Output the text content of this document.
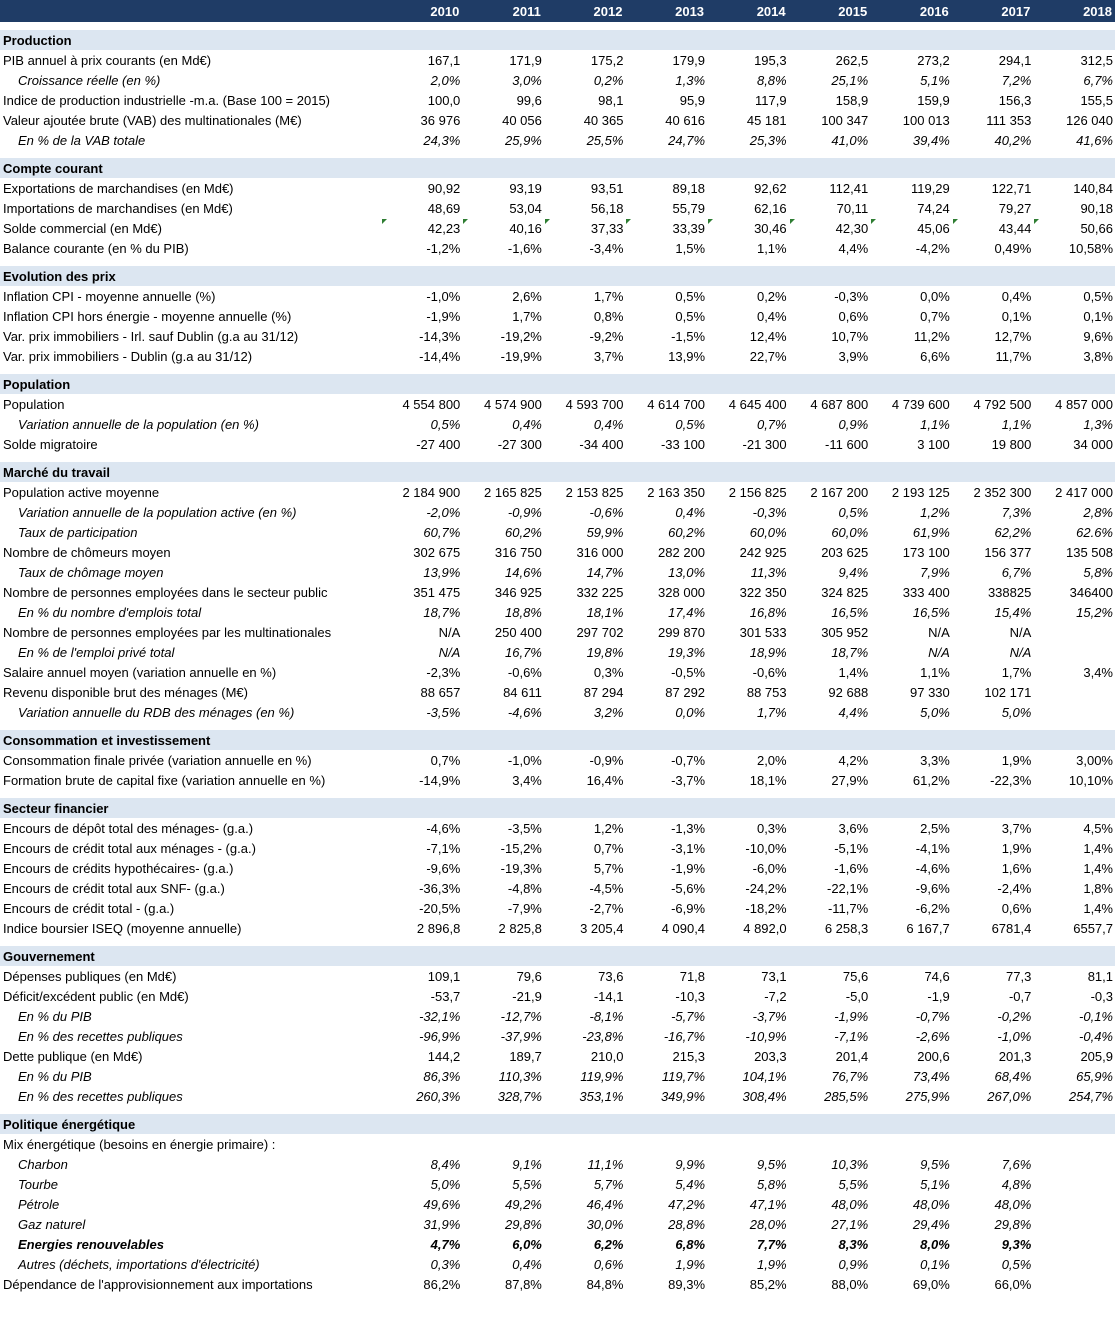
	2010	2011	2012	2013	2014	2015	2016	2017	2018

Production									
PIB annuel à prix courants (en Md€)	167,1	171,9	175,2	179,9	195,3	262,5	273,2	294,1	312,5
Croissance réelle (en %)	2,0%	3,0%	0,2%	1,3%	8,8%	25,1%	5,1%	7,2%	6,7%
Indice de production industrielle -m.a. (Base 100 = 2015)	100,0	99,6	98,1	95,9	117,9	158,9	159,9	156,3	155,5
Valeur ajoutée brute (VAB) des multinationales (M€)	36 976	40 056	40 365	40 616	45 181	100 347	100 013	111 353	126 040
En % de la VAB totale	24,3%	25,9%	25,5%	24,7%	25,3%	41,0%	39,4%	40,2%	41,6%

Compte courant									
Exportations de marchandises (en Md€)	90,92	93,19	93,51	89,18	92,62	112,41	119,29	122,71	140,84
Importations de marchandises (en Md€)	48,69	53,04	56,18	55,79	62,16	70,11	74,24	79,27	90,18
Solde commercial (en Md€)	42,23	40,16	37,33	33,39	30,46	42,30	45,06	43,44	50,66
Balance courante (en % du PIB)	-1,2%	-1,6%	-3,4%	1,5%	1,1%	4,4%	-4,2%	0,49%	10,58%

Evolution des prix									
Inflation CPI - moyenne annuelle (%)	-1,0%	2,6%	1,7%	0,5%	0,2%	-0,3%	0,0%	0,4%	0,5%
Inflation CPI hors énergie - moyenne annuelle (%)	-1,9%	1,7%	0,8%	0,5%	0,4%	0,6%	0,7%	0,1%	0,1%
Var. prix immobiliers - Irl. sauf Dublin (g.a au 31/12)	-14,3%	-19,2%	-9,2%	-1,5%	12,4%	10,7%	11,2%	12,7%	9,6%
Var. prix immobiliers - Dublin (g.a au 31/12)	-14,4%	-19,9%	3,7%	13,9%	22,7%	3,9%	6,6%	11,7%	3,8%

Population									
Population	4 554 800	4 574 900	4 593 700	4 614 700	4 645 400	4 687 800	4 739 600	4 792 500	4 857 000
Variation annuelle de la population (en %)	0,5%	0,4%	0,4%	0,5%	0,7%	0,9%	1,1%	1,1%	1,3%
Solde migratoire	-27 400	-27 300	-34 400	-33 100	-21 300	-11 600	3 100	19 800	34 000

Marché du travail									
Population active moyenne	2 184 900	2 165 825	2 153 825	2 163 350	2 156 825	2 167 200	2 193 125	2 352 300	2 417 000
Variation annuelle de la population active (en %)	-2,0%	-0,9%	-0,6%	0,4%	-0,3%	0,5%	1,2%	7,3%	2,8%
Taux de participation	60,7%	60,2%	59,9%	60,2%	60,0%	60,0%	61,9%	62,2%	62.6%
Nombre de chômeurs moyen	302 675	316 750	316 000	282 200	242 925	203 625	173 100	156 377	135 508
Taux de chômage moyen	13,9%	14,6%	14,7%	13,0%	11,3%	9,4%	7,9%	6,7%	5,8%
Nombre de personnes employées dans le secteur public	351 475	346 925	332 225	328 000	322 350	324 825	333 400	338825	346400
En % du nombre d'emplois total	18,7%	18,8%	18,1%	17,4%	16,8%	16,5%	16,5%	15,4%	15,2%
Nombre de personnes employées par les multinationales	N/A	250 400	297 702	299 870	301 533	305 952	N/A	N/A	
En % de l'emploi privé total	N/A	16,7%	19,8%	19,3%	18,9%	18,7%	N/A	N/A	
Salaire annuel moyen (variation annuelle en %)	-2,3%	-0,6%	0,3%	-0,5%	-0,6%	1,4%	1,1%	1,7%	3,4%
Revenu disponible brut des ménages (M€)	88 657	84 611	87 294	87 292	88 753	92 688	97 330	102 171	
Variation annuelle du RDB des ménages (en %)	-3,5%	-4,6%	3,2%	0,0%	1,7%	4,4%	5,0%	5,0%	

Consommation et investissement									
Consommation finale privée (variation annuelle en %)	0,7%	-1,0%	-0,9%	-0,7%	2,0%	4,2%	3,3%	1,9%	3,00%
Formation brute de capital fixe (variation annuelle en %)	-14,9%	3,4%	16,4%	-3,7%	18,1%	27,9%	61,2%	-22,3%	10,10%

Secteur financier									
Encours de dépôt total des ménages- (g.a.)	-4,6%	-3,5%	1,2%	-1,3%	0,3%	3,6%	2,5%	3,7%	4,5%
Encours de crédit total aux ménages - (g.a.)	-7,1%	-15,2%	0,7%	-3,1%	-10,0%	-5,1%	-4,1%	1,9%	1,4%
Encours de crédits hypothécaires- (g.a.)	-9,6%	-19,3%	5,7%	-1,9%	-6,0%	-1,6%	-4,6%	1,6%	1,4%
Encours de crédit total aux SNF- (g.a.)	-36,3%	-4,8%	-4,5%	-5,6%	-24,2%	-22,1%	-9,6%	-2,4%	1,8%
Encours de crédit total - (g.a.)	-20,5%	-7,9%	-2,7%	-6,9%	-18,2%	-11,7%	-6,2%	0,6%	1,4%
Indice boursier ISEQ (moyenne annuelle)	2 896,8	2 825,8	3 205,4	4 090,4	4 892,0	6 258,3	6 167,7	6781,4	6557,7

Gouvernement									
Dépenses publiques (en Md€)	109,1	79,6	73,6	71,8	73,1	75,6	74,6	77,3	81,1
Déficit/excédent public (en Md€)	-53,7	-21,9	-14,1	-10,3	-7,2	-5,0	-1,9	-0,7	-0,3
En % du PIB	-32,1%	-12,7%	-8,1%	-5,7%	-3,7%	-1,9%	-0,7%	-0,2%	-0,1%
En % des recettes publiques	-96,9%	-37,9%	-23,8%	-16,7%	-10,9%	-7,1%	-2,6%	-1,0%	-0,4%
Dette publique (en Md€)	144,2	189,7	210,0	215,3	203,3	201,4	200,6	201,3	205,9
En % du PIB	86,3%	110,3%	119,9%	119,7%	104,1%	76,7%	73,4%	68,4%	65,9%
En % des recettes publiques	260,3%	328,7%	353,1%	349,9%	308,4%	285,5%	275,9%	267,0%	254,7%

Politique énergétique									
Mix énergétique (besoins en énergie primaire) :									
Charbon	8,4%	9,1%	11,1%	9,9%	9,5%	10,3%	9,5%	7,6%	
Tourbe	5,0%	5,5%	5,7%	5,4%	5,8%	5,5%	5,1%	4,8%	
Pétrole	49,6%	49,2%	46,4%	47,2%	47,1%	48,0%	48,0%	48,0%	
Gaz naturel	31,9%	29,8%	30,0%	28,8%	28,0%	27,1%	29,4%	29,8%	
Energies renouvelables	4,7%	6,0%	6,2%	6,8%	7,7%	8,3%	8,0%	9,3%	
Autres (déchets, importations d'électricité)	0,3%	0,4%	0,6%	1,9%	1,9%	0,9%	0,1%	0,5%	
Dépendance de l'approvisionnement aux importations	86,2%	87,8%	84,8%	89,3%	85,2%	88,0%	69,0%	66,0%	
